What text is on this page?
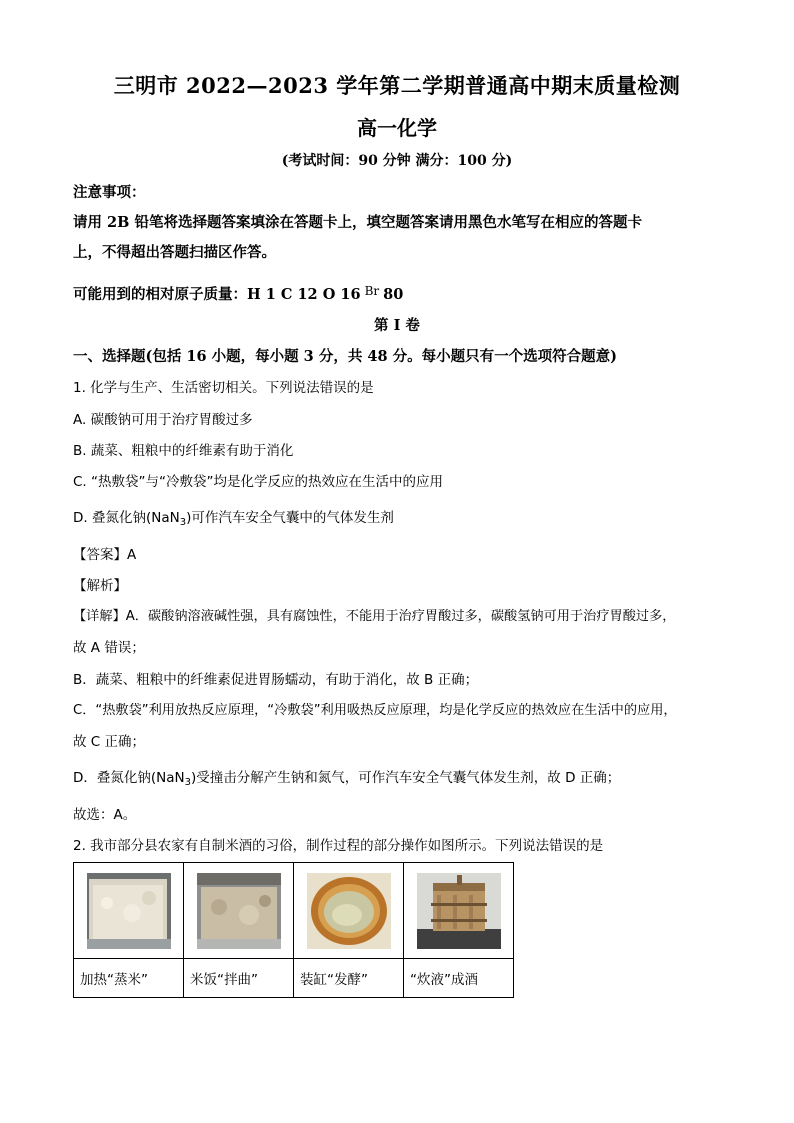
三明市 2022—2023 学年第二学期普通高中期末质量检测
高一化学
(考试时间：90 分钟 满分：100 分)
注意事项：
请用 2B 铅笔将选择题答案填涂在答题卡上，填空题答案请用黑色水笔写在相应的答题卡
上，不得超出答题扫描区作答。
可能用到的相对原子质量：H 1 C 12 O 16 $^{Br}$ 80
第 I 卷
一、选择题(包括 16 小题，每小题 3 分，共 48 分。每小题只有一个选项符合题意)
1. 化学与生产、生活密切相关。下列说法错误的是
A. 碳酸钠可用于治疗胃酸过多
B. 蔬菜、粗粮中的纤维素有助于消化
C. “热敷袋”与“冷敷袋”均是化学反应的热效应在生活中的应用
D. 叠氮化钠(NaN$_3$)可作汽车安全气囊中的气体发生剂
【答案】A
【解析】
【详解】A．碳酸钠溶液碱性强，具有腐蚀性，不能用于治疗胃酸过多，碳酸氢钠可用于治疗胃酸过多，
故 A 错误；
B．蔬菜、粗粮中的纤维素促进胃肠蠕动，有助于消化，故 B 正确；
C．“热敷袋”利用放热反应原理，“冷敷袋”利用吸热反应原理，均是化学反应的热效应在生活中的应用，
故 C 正确；
D．叠氮化钠(NaN$_3$)受撞击分解产生钠和氮气，可作汽车安全气囊气体发生剂，故 D 正确；
故选：A。
2. 我市部分县农家有自制米酒的习俗，制作过程的部分操作如图所示。下列说法错误的是

加热“蒸米”	米饭“拌曲”	装缸“发酵”	“炊液”成酒
